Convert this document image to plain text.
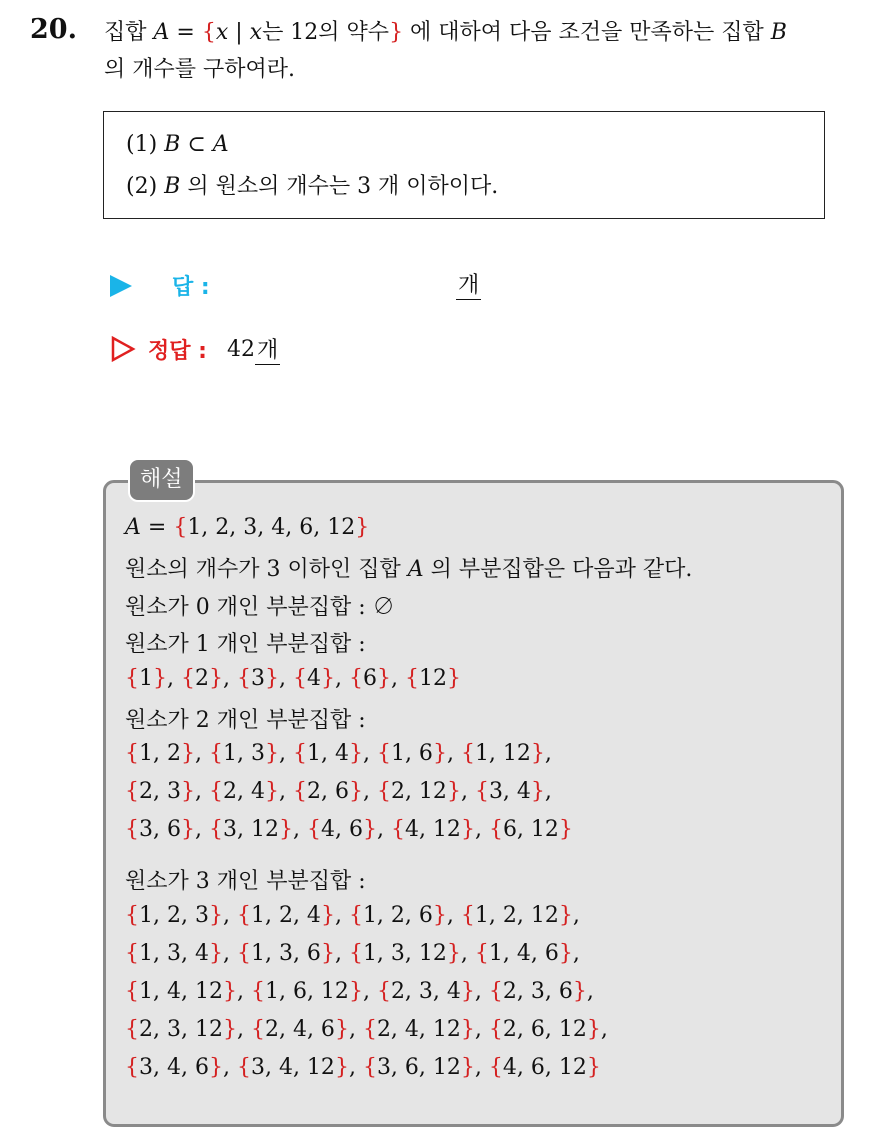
20. 집합 A = {x | x는 12의 약수} 에 대하여 다음 조건을 만족하는 집합 B
의 개수를 구하여라.
(1) B ⊂ A
(2) B 의 원소의 개수는 3 개 이하이다.
답 :	개
정답 : 42 개
해설
A = {1, 2, 3, 4, 6, 12}
원소의 개수가 3 이하인 집합 A 의 부분집합은 다음과 같다.
원소가 0 개인 부분집합 : ∅
원소가 1 개인 부분집합 :
{1}, {2}, {3}, {4}, {6}, {12}
원소가 2 개인 부분집합 :
{1, 2}, {1, 3}, {1, 4}, {1, 6}, {1, 12},
{2, 3}, {2, 4}, {2, 6}, {2, 12}, {3, 4},
{3, 6}, {3, 12}, {4, 6}, {4, 12}, {6, 12}
원소가 3 개인 부분집합 :
{1, 2, 3}, {1, 2, 4}, {1, 2, 6}, {1, 2, 12},
{1, 3, 4}, {1, 3, 6}, {1, 3, 12}, {1, 4, 6},
{1, 4, 12}, {1, 6, 12}, {2, 3, 4}, {2, 3, 6},
{2, 3, 12}, {2, 4, 6}, {2, 4, 12}, {2, 6, 12},
{3, 4, 6}, {3, 4, 12}, {3, 6, 12}, {4, 6, 12}
